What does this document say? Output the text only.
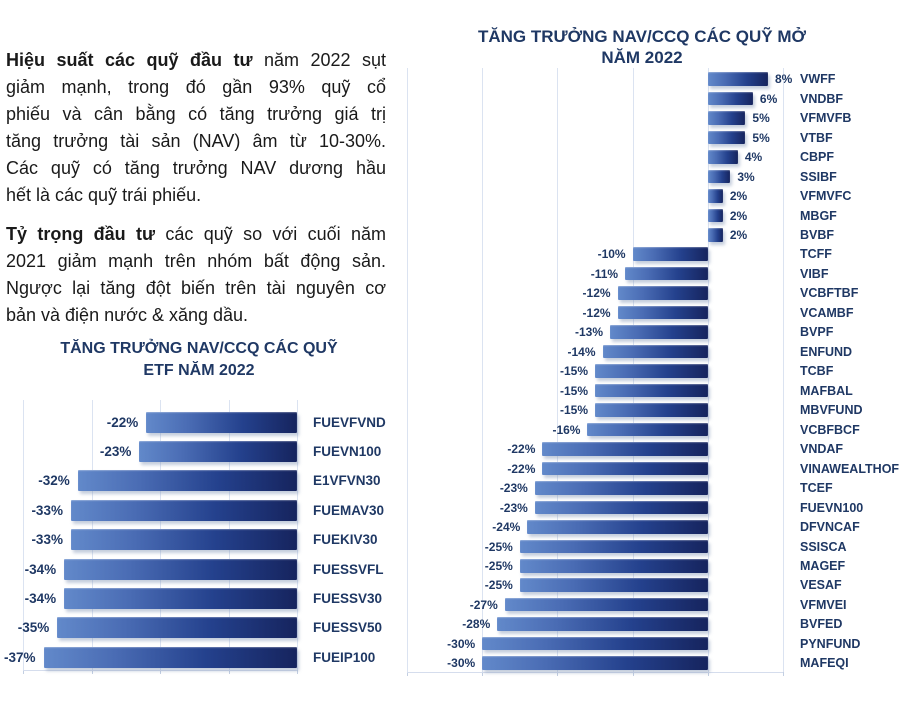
Hiệu suất các quỹ đầu tư năm 2022 sụt
giảm mạnh, trong đó gần 93% quỹ cổ
phiếu và cân bằng có tăng trưởng giá trị
tăng trưởng tài sản (NAV) âm từ 10-30%.
Các quỹ có tăng trưởng NAV dương hầu
hết là các quỹ trái phiếu.
Tỷ trọng đầu tư các quỹ so với cuối năm
2021 giảm mạnh trên nhóm bất động sản.
Ngược lại tăng đột biến trên tài nguyên cơ
bản và điện nước & xăng dầu.
TĂNG TRƯỞNG NAV/CCQ CÁC QUỸ
ETF NĂM 2022
-22%	FUEVFVND
-23%	FUEVN100
-32%	E1VFVN30
-33%	FUEMAV30
-33%	FUEKIV30
-34%	FUESSVFL
-34%	FUESSV30
-35%	FUESSV50
-37%	FUEIP100
TĂNG TRƯỞNG NAV/CCQ CÁC QUỸ MỞ
NĂM 2022
8% VWFF
6% VNDBF
5% VFMVFB
5% VTBF
4%	CBPF
3%	SSIBF
2%	VFMVFC
2%	MBGF
2%	BVBF
-10%	TCFF
-11%	VIBF
-12%	VCBFTBF
-12%	VCAMBF
-13%	BVPF
-14%	ENFUND
-15%	TCBF
-15%	MAFBAL
-15%	MBVFUND
-16%	VCBFBCF
-22%	VNDAF
-22%	VINAWEALTHOF
-23%	TCEF
-23%	FUEVN100
-24%	DFVNCAF
-25%	SSISCA
-25%	MAGEF
-25%	VESAF
-27%	VFMVEI
-28%	BVFED
-30%	PYNFUND
-30%	MAFEQI
